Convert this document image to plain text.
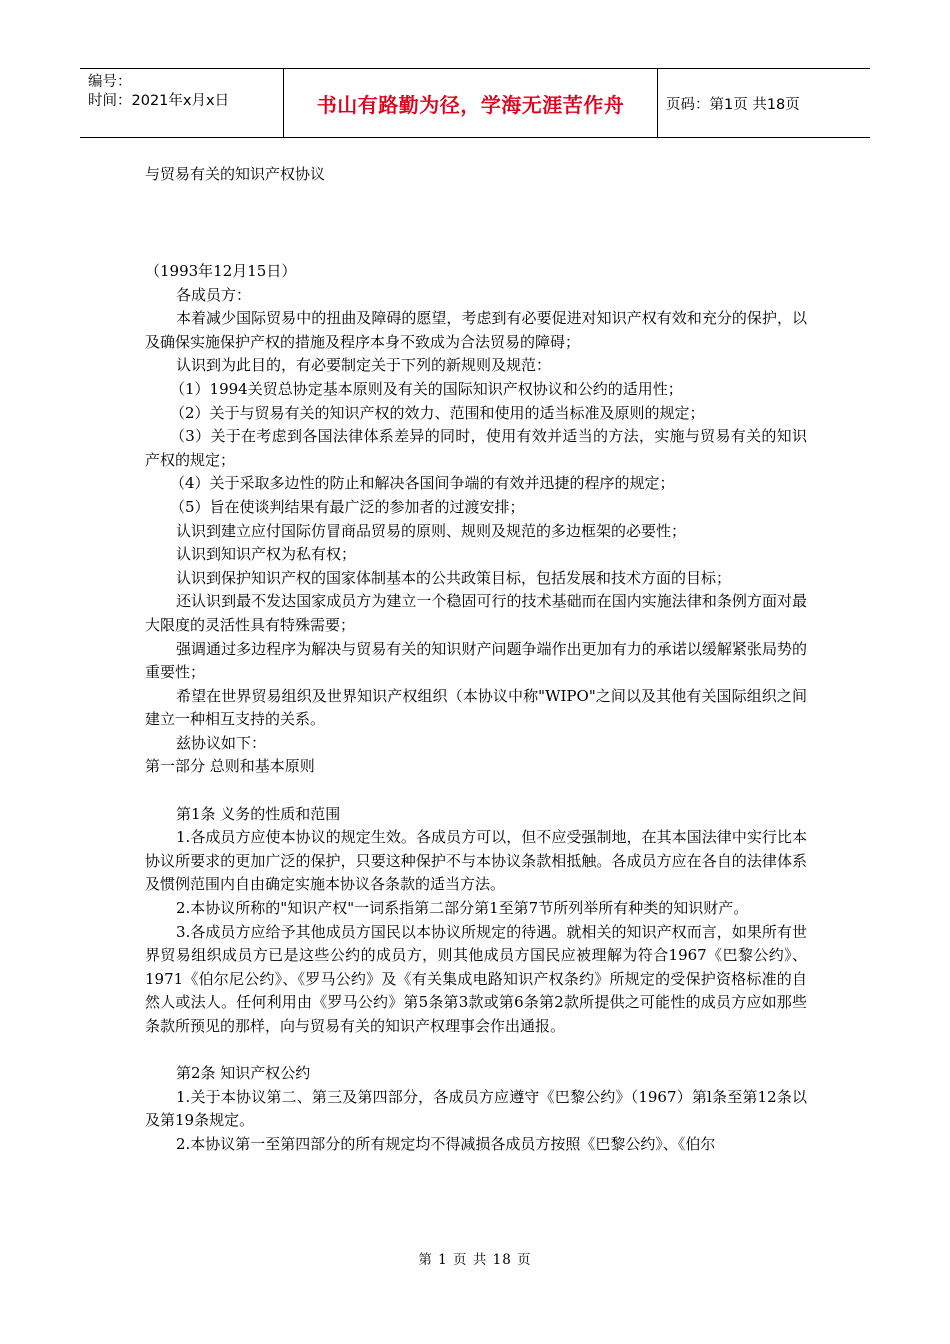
编号：
时间：2021年x月x日	书山有路勤为径，学海无涯苦作舟	页码：第1页 共18页
与贸易有关的知识产权协议

（1993年12月15日）

各成员方：

本着减少国际贸易中的扭曲及障碍的愿望，考虑到有必要促进对知识产权有效和充分的保护，以及确保实施保护产权的措施及程序本身不致成为合法贸易的障碍；

认识到为此目的，有必要制定关于下列的新规则及规范：

（1）1994关贸总协定基本原则及有关的国际知识产权协议和公约的适用性；

（2）关于与贸易有关的知识产权的效力、范围和使用的适当标准及原则的规定；

（3）关于在考虑到各国法律体系差异的同时，使用有效并适当的方法，实施与贸易有关的知识产权的规定；

（4）关于采取多边性的防止和解决各国间争端的有效并迅捷的程序的规定；

（5）旨在使谈判结果有最广泛的参加者的过渡安排；

认识到建立应付国际仿冒商品贸易的原则、规则及规范的多边框架的必要性；

认识到知识产权为私有权；

认识到保护知识产权的国家体制基本的公共政策目标，包括发展和技术方面的目标；

还认识到最不发达国家成员方为建立一个稳固可行的技术基础而在国内实施法律和条例方面对最大限度的灵活性具有特殊需要；

强调通过多边程序为解决与贸易有关的知识财产问题争端作出更加有力的承诺以缓解紧张局势的重要性；

希望在世界贸易组织及世界知识产权组织（本协议中称"WIPO"之间以及其他有关国际组织之间建立一种相互支持的关系。

兹协议如下：

第一部分 总则和基本原则

第1条 义务的性质和范围

1.各成员方应使本协议的规定生效。各成员方可以，但不应受强制地，在其本国法律中实行比本协议所要求的更加广泛的保护，只要这种保护不与本协议条款相抵触。各成员方应在各自的法律体系及惯例范围内自由确定实施本协议各条款的适当方法。

2.本协议所称的"知识产权"一词系指第二部分第1至第7节所列举所有种类的知识财产。

3.各成员方应给予其他成员方国民以本协议所规定的待遇。就相关的知识产权而言，如果所有世界贸易组织成员方已是这些公约的成员方，则其他成员方国民应被理解为符合1967《巴黎公约》、1971《伯尔尼公约》、《罗马公约》及《有关集成电路知识产权条约》所规定的受保护资格标准的自然人或法人。任何利用由《罗马公约》第5条第3款或第6条第2款所提供之可能性的成员方应如那些条款所预见的那样，向与贸易有关的知识产权理事会作出通报。

第2条 知识产权公约

1.关于本协议第二、第三及第四部分，各成员方应遵守《巴黎公约》（1967）第l条至第12条以及第19条规定。

2.本协议第一至第四部分的所有规定均不得减损各成员方按照《巴黎公约》、《伯尔

第 1 页 共 18 页
